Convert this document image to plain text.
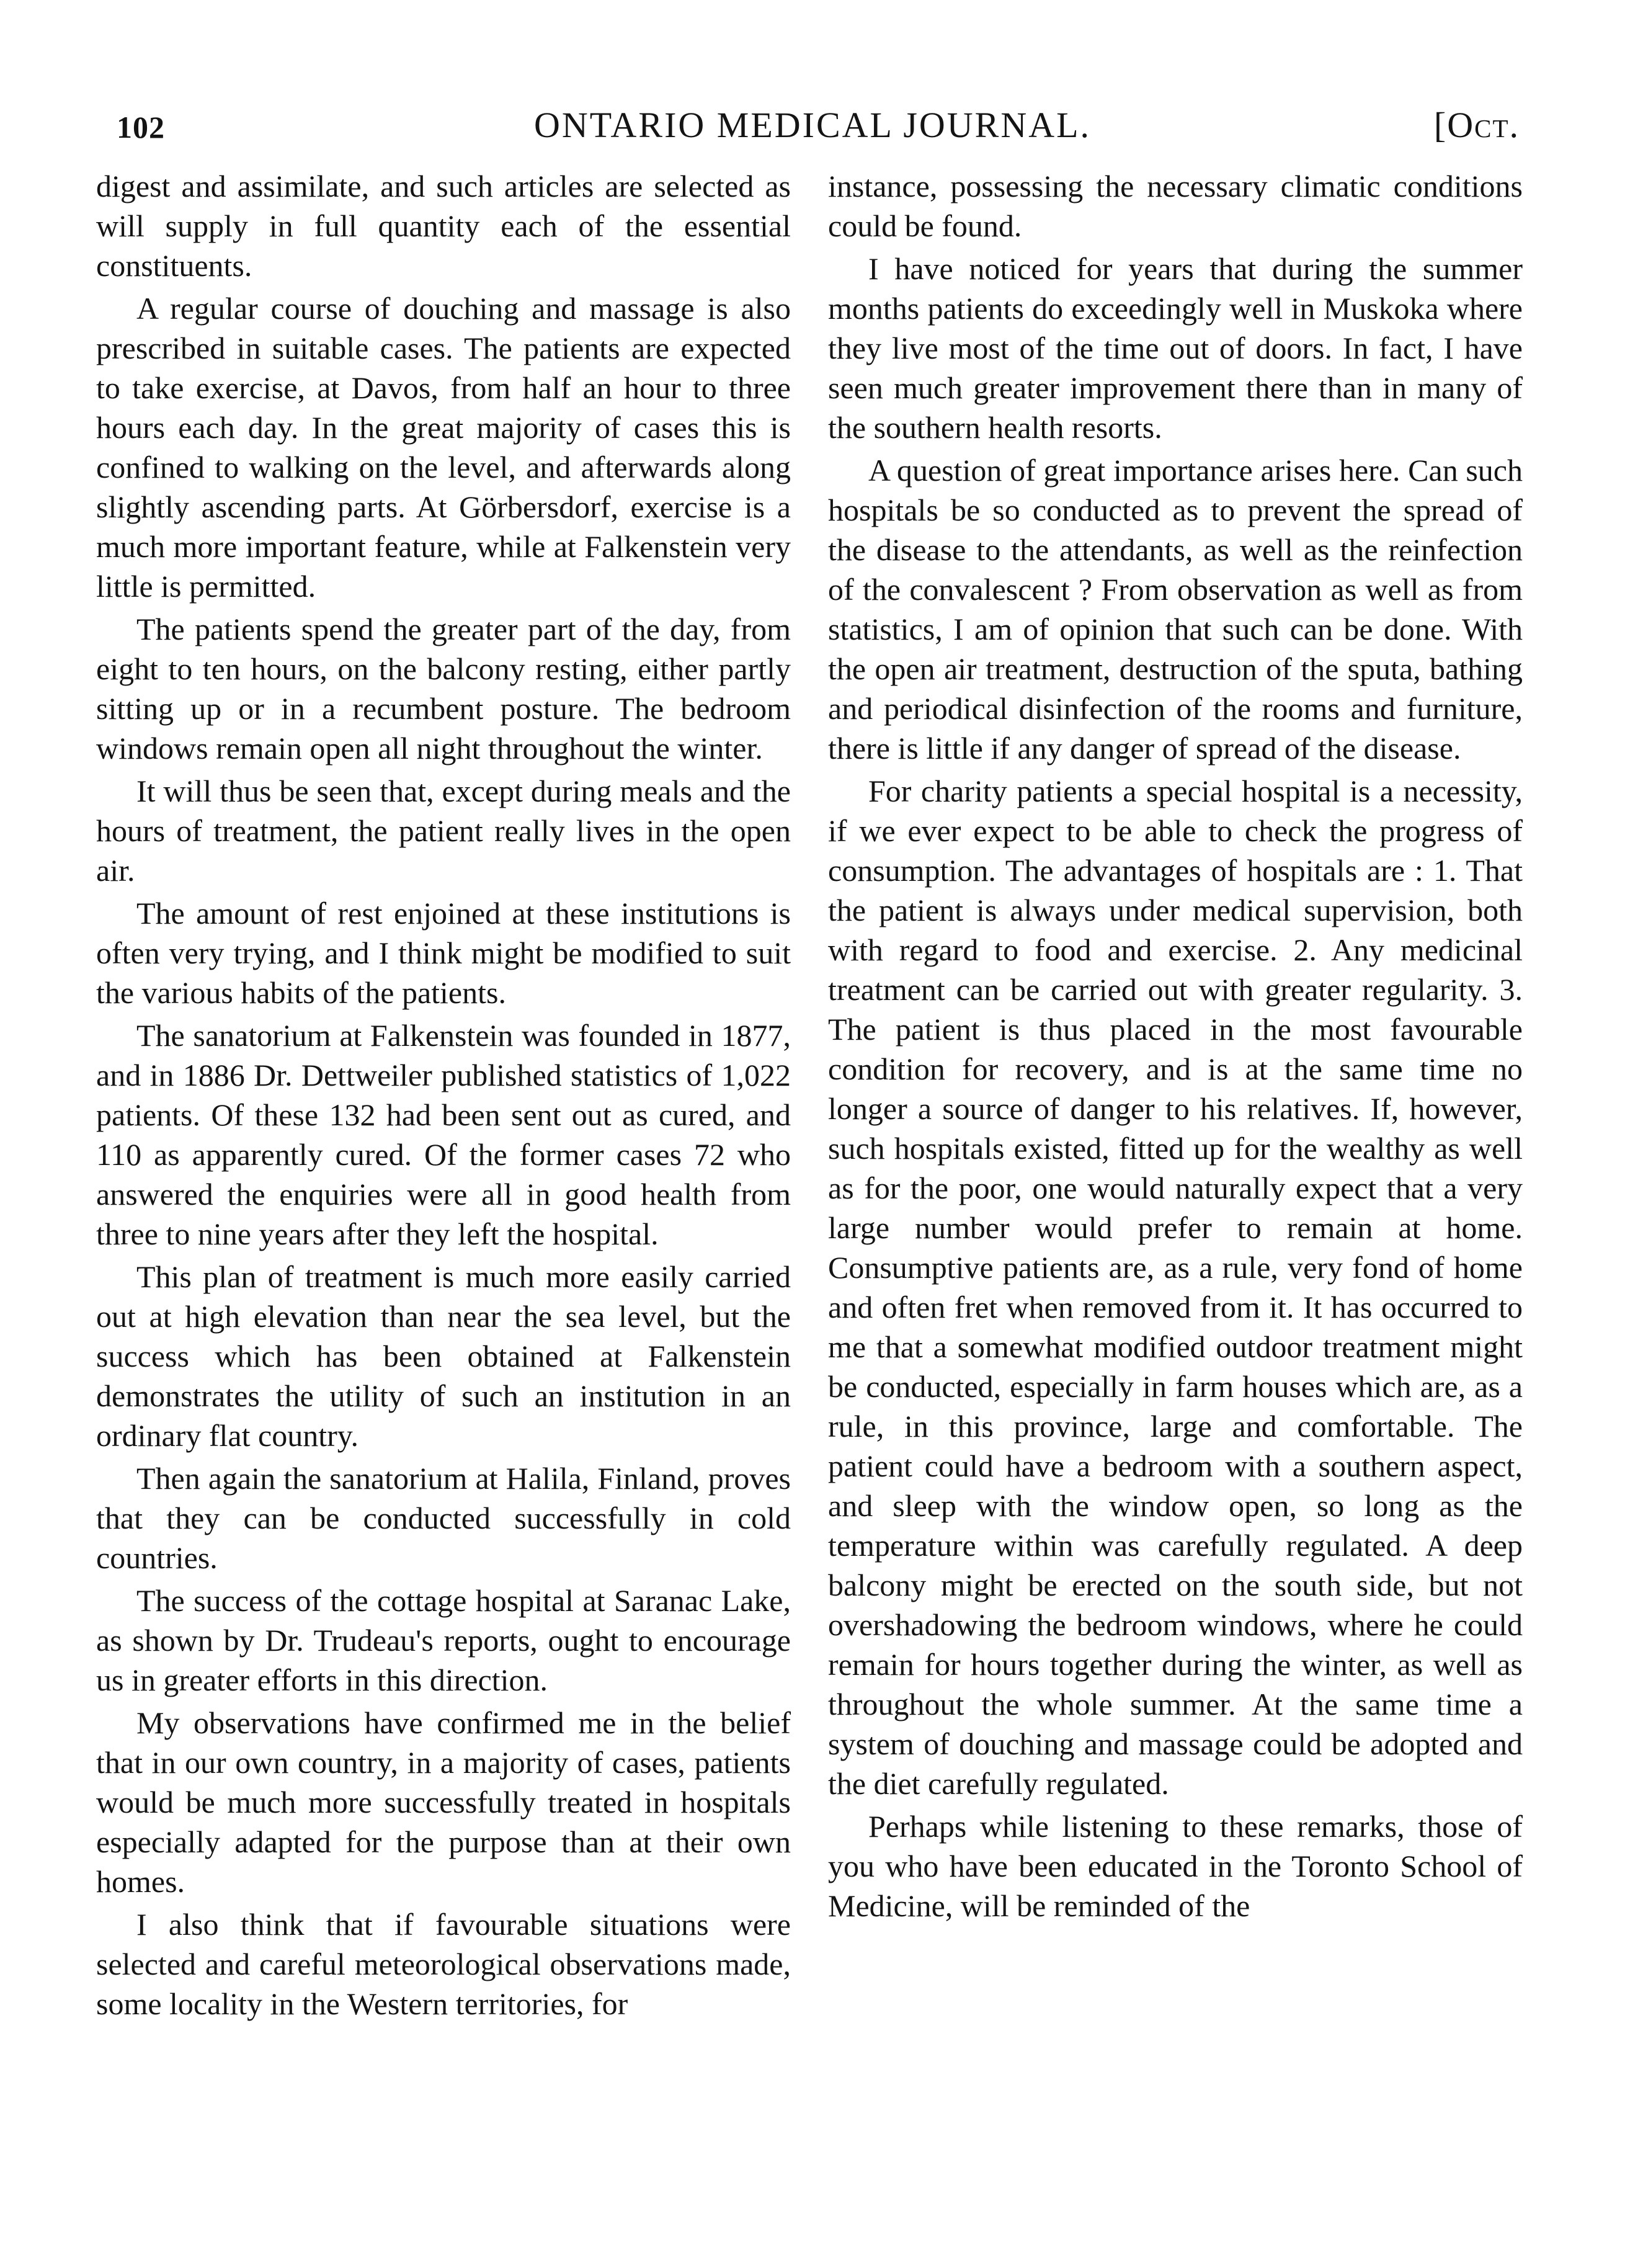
102	ONTARIO MEDICAL JOURNAL.	[Oct.

digest and assimilate, and such articles are selected as will supply in full quantity each of the essential constituents.

A regular course of douching and massage is also prescribed in suitable cases. The patients are expected to take exercise, at Davos, from half an hour to three hours each day. In the great majority of cases this is confined to walking on the level, and afterwards along slightly ascending parts. At Görbersdorf, exercise is a much more important feature, while at Falkenstein very little is permitted.

The patients spend the greater part of the day, from eight to ten hours, on the balcony resting, either partly sitting up or in a recumbent posture. The bedroom windows remain open all night throughout the winter.

It will thus be seen that, except during meals and the hours of treatment, the patient really lives in the open air.

The amount of rest enjoined at these institutions is often very trying, and I think might be modified to suit the various habits of the patients.

The sanatorium at Falkenstein was founded in 1877, and in 1886 Dr. Dettweiler published statistics of 1,022 patients. Of these 132 had been sent out as cured, and 110 as apparently cured. Of the former cases 72 who answered the enquiries were all in good health from three to nine years after they left the hospital.

This plan of treatment is much more easily carried out at high elevation than near the sea level, but the success which has been obtained at Falkenstein demonstrates the utility of such an institution in an ordinary flat country.

Then again the sanatorium at Halila, Finland, proves that they can be conducted successfully in cold countries.

The success of the cottage hospital at Saranac Lake, as shown by Dr. Trudeau's reports, ought to encourage us in greater efforts in this direction.

My observations have confirmed me in the belief that in our own country, in a majority of cases, patients would be much more successfully treated in hospitals especially adapted for the purpose than at their own homes.

I also think that if favourable situations were selected and careful meteorological observations made, some locality in the Western territories, for

instance, possessing the necessary climatic conditions could be found.

I have noticed for years that during the summer months patients do exceedingly well in Muskoka where they live most of the time out of doors. In fact, I have seen much greater improvement there than in many of the southern health resorts.

A question of great importance arises here. Can such hospitals be so conducted as to prevent the spread of the disease to the attendants, as well as the reinfection of the convalescent ? From observation as well as from statistics, I am of opinion that such can be done. With the open air treatment, destruction of the sputa, bathing and periodical disinfection of the rooms and furniture, there is little if any danger of spread of the disease.

For charity patients a special hospital is a necessity, if we ever expect to be able to check the progress of consumption. The advantages of hospitals are : 1. That the patient is always under medical supervision, both with regard to food and exercise. 2. Any medicinal treatment can be carried out with greater regularity. 3. The patient is thus placed in the most favourable condition for recovery, and is at the same time no longer a source of danger to his relatives. If, however, such hospitals existed, fitted up for the wealthy as well as for the poor, one would naturally expect that a very large number would prefer to remain at home. Consumptive patients are, as a rule, very fond of home and often fret when removed from it. It has occurred to me that a somewhat modified outdoor treatment might be conducted, especially in farm houses which are, as a rule, in this province, large and comfortable. The patient could have a bedroom with a southern aspect, and sleep with the window open, so long as the temperature within was carefully regulated. A deep balcony might be erected on the south side, but not overshadowing the bedroom windows, where he could remain for hours together during the winter, as well as throughout the whole summer. At the same time a system of douching and massage could be adopted and the diet carefully regulated.

Perhaps while listening to these remarks, those of you who have been educated in the Toronto School of Medicine, will be reminded of the
